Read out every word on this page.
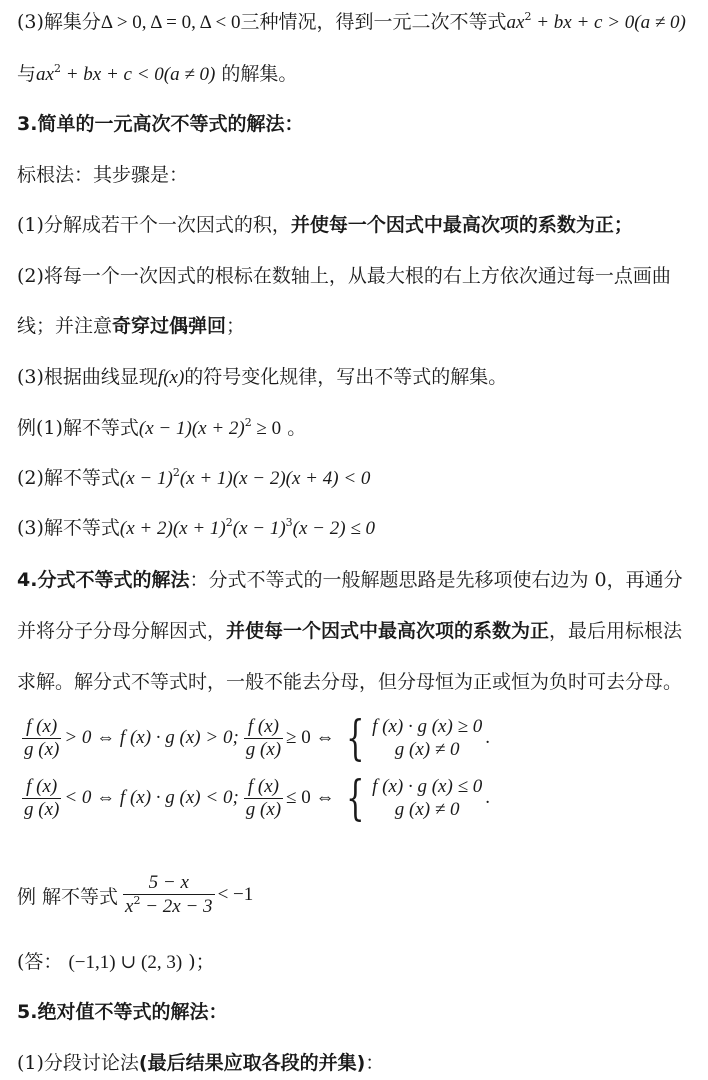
(3)解集分Δ > 0, Δ = 0, Δ < 0三种情况，得到一元二次不等式$ax^2$ + bx + c > 0(a ≠ 0)
与$ax^2$ + bx + c < 0(a ≠ 0) 的解集。
3.简单的一元高次不等式的解法：
标根法：其步骤是：
(1)分解成若干个一次因式的积，并使每一个因式中最高次项的系数为正；
(2)将每一个一次因式的根标在数轴上，从最大根的右上方依次通过每一点画曲
线；并注意奇穿过偶弹回；
(3)根据曲线显现f(x)的符号变化规律，写出不等式的解集。
例(1)解不等式$(x - 1)(x + 2)^2 \ge 0$ 。
(2)解不等式$(x - 1)^2(x + 1)(x - 2)(x + 4) < 0$
(3)解不等式$(x + 2)(x + 1)^2(x - 1)^3(x - 2) \le 0$
4.分式不等式的解法：分式不等式的一般解题思路是先移项使右边为 0，再通分
并将分子分母分解因式，并使每一个因式中最高次项的系数为正，最后用标根法
求解。解分式不等式时，一般不能去分母，但分母恒为正或恒为负时可去分母。
$\frac{f (x)}{g (x)} > 0$ ⇔ f (x) · g (x) > 0; $\frac{f (x)}{g (x)} \ge 0$ ⇔ { f (x) · g (x) ≥ 0
g (x) ≠ 0
.
$\frac{f (x)}{g (x)} < 0$ ⇔ f (x) · g (x) < 0; $\frac{f (x)}{g (x)} \le 0$ ⇔ { f (x) · g (x) ≤ 0
g (x) ≠ 0
.
例 解不等式 $\frac{5 - x}{x^2 - 2x - 3} < -1$
(答： (−1,1) ∪ (2, 3) )；
5.绝对值不等式的解法：
(1)分段讨论法(最后结果应取各段的并集)：
